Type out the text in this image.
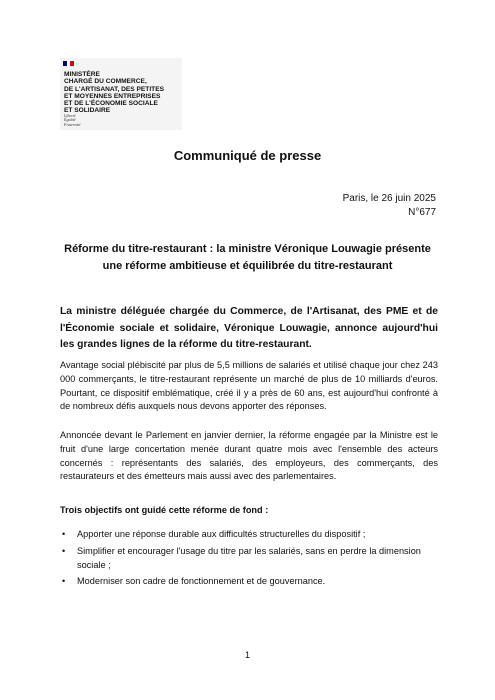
MINISTÈRE
CHARGÉ DU COMMERCE,
DE L'ARTISANAT, DES PETITES
ET MOYENNES ENTREPRISES
ET DE L'ÉCONOMIE SOCIALE
ET SOLIDAIRE
Liberté
Égalité
Fraternité
Communiqué de presse
Paris, le 26 juin 2025
N°677
Réforme du titre-restaurant : la ministre Véronique Louwagie présente une réforme ambitieuse et équilibrée du titre-restaurant
La ministre déléguée chargée du Commerce, de l'Artisanat, des PME et de l'Économie sociale et solidaire, Véronique Louwagie, annonce aujourd'hui les grandes lignes de la réforme du titre-restaurant.
Avantage social plébiscité par plus de 5,5 millions de salariés et utilisé chaque jour chez 243 000 commerçants, le titre-restaurant représente un marché de plus de 10 milliards d'euros. Pourtant, ce dispositif emblématique, créé il y a près de 60 ans, est aujourd'hui confronté à de nombreux défis auxquels nous devons apporter des réponses.
Annoncée devant le Parlement en janvier dernier, la réforme engagée par la Ministre est le fruit d'une large concertation menée durant quatre mois avec l'ensemble des acteurs concernés : représentants des salariés, des employeurs, des commerçants, des restaurateurs et des émetteurs mais aussi avec des parlementaires.
Trois objectifs ont guidé cette réforme de fond :
• Apporter une réponse durable aux difficultés structurelles du dispositif ;
• Simplifier et encourager l'usage du titre par les salariés, sans en perdre la dimension sociale ;
• Moderniser son cadre de fonctionnement et de gouvernance.
1
